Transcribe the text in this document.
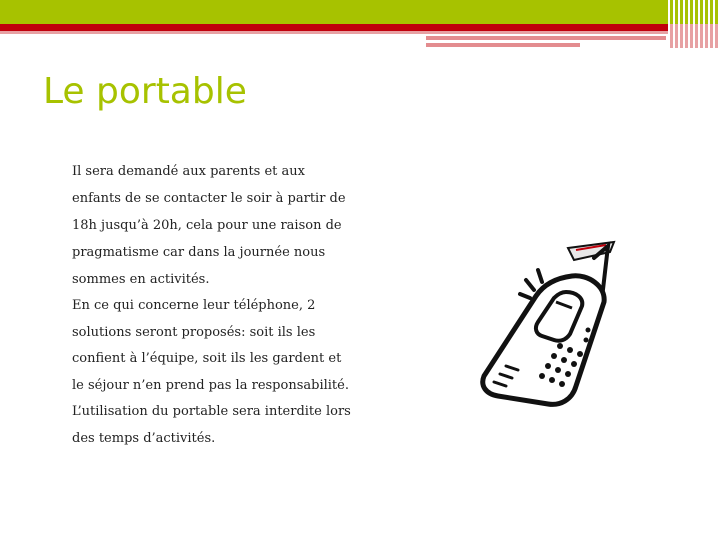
Le portable

Il sera demandé aux parents et aux
enfants de se contacter le soir à partir de
18h jusqu’à 20h, cela pour une raison de
pragmatisme car dans la journée nous
sommes en activités.

En ce qui concerne leur téléphone, 2
solutions seront proposés: soit ils les
confient à l’équipe, soit ils les gardent et
le séjour n’en prend pas la responsabilité.
L’utilisation du portable sera interdite lors
des temps d’activités.
